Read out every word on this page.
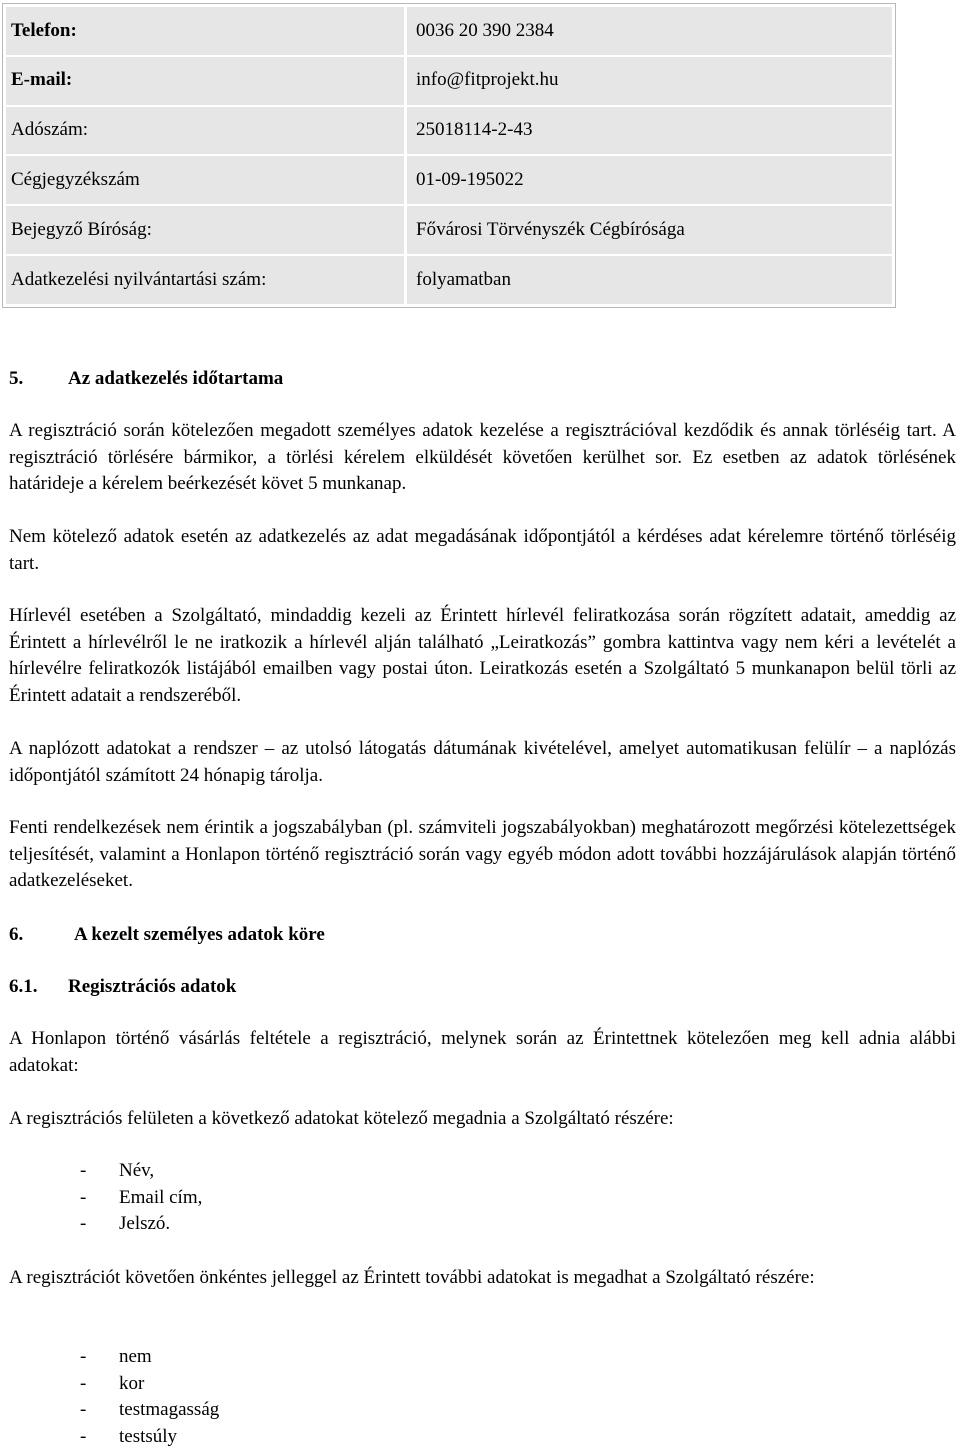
Telefon:	0036 20 390 2384
E-mail:	info@fitprojekt.hu
Adószám:	25018114-2-43
Cégjegyzékszám	01-09-195022
Bejegyző Bíróság:	Fővárosi Törvényszék Cégbírósága
Adatkezelési nyilvántartási szám:	folyamatban
5.	Az adatkezelés időtartama

A regisztráció során kötelezően megadott személyes adatok kezelése a regisztrációval kezdődik és annak törléséig tart. A regisztráció törlésére bármikor, a törlési kérelem elküldését követően kerülhet sor. Ez esetben az adatok törlésének határideje a kérelem beérkezését követ 5 munkanap.

Nem kötelező adatok esetén az adatkezelés az adat megadásának időpontjától a kérdéses adat kérelemre történő törléséig tart.

Hírlevél esetében a Szolgáltató, mindaddig kezeli az Érintett hírlevél feliratkozása során rögzített adatait, ameddig az Érintett a hírlevélről le ne iratkozik a hírlevél alján található „Leiratkozás” gombra kattintva vagy nem kéri a levételét a hírlevélre feliratkozók listájából emailben vagy postai úton. Leiratkozás esetén a Szolgáltató 5 munkanapon belül törli az Érintett adatait a rendszeréből.

A naplózott adatokat a rendszer – az utolsó látogatás dátumának kivételével, amelyet automatikusan felülír – a naplózás időpontjától számított 24 hónapig tárolja.

Fenti rendelkezések nem érintik a jogszabályban (pl. számviteli jogszabályokban) meghatározott megőrzési kötelezettségek teljesítését, valamint a Honlapon történő regisztráció során vagy egyéb módon adott további hozzájárulások alapján történő adatkezeléseket.

6.	A kezelt személyes adatok köre
6.1.	Regisztrációs adatok

A Honlapon történő vásárlás feltétele a regisztráció, melynek során az Érintettnek kötelezően meg kell adnia alábbi adatokat:

A regisztrációs felületen a következő adatokat kötelező megadnia a Szolgáltató részére:

-	Név,
-	Email cím,
-	Jelszó.

A regisztrációt követően önkéntes jelleggel az Érintett további adatokat is megadhat a Szolgáltató részére:

-	nem
-	kor
-	testmagasság
-	testsúly
